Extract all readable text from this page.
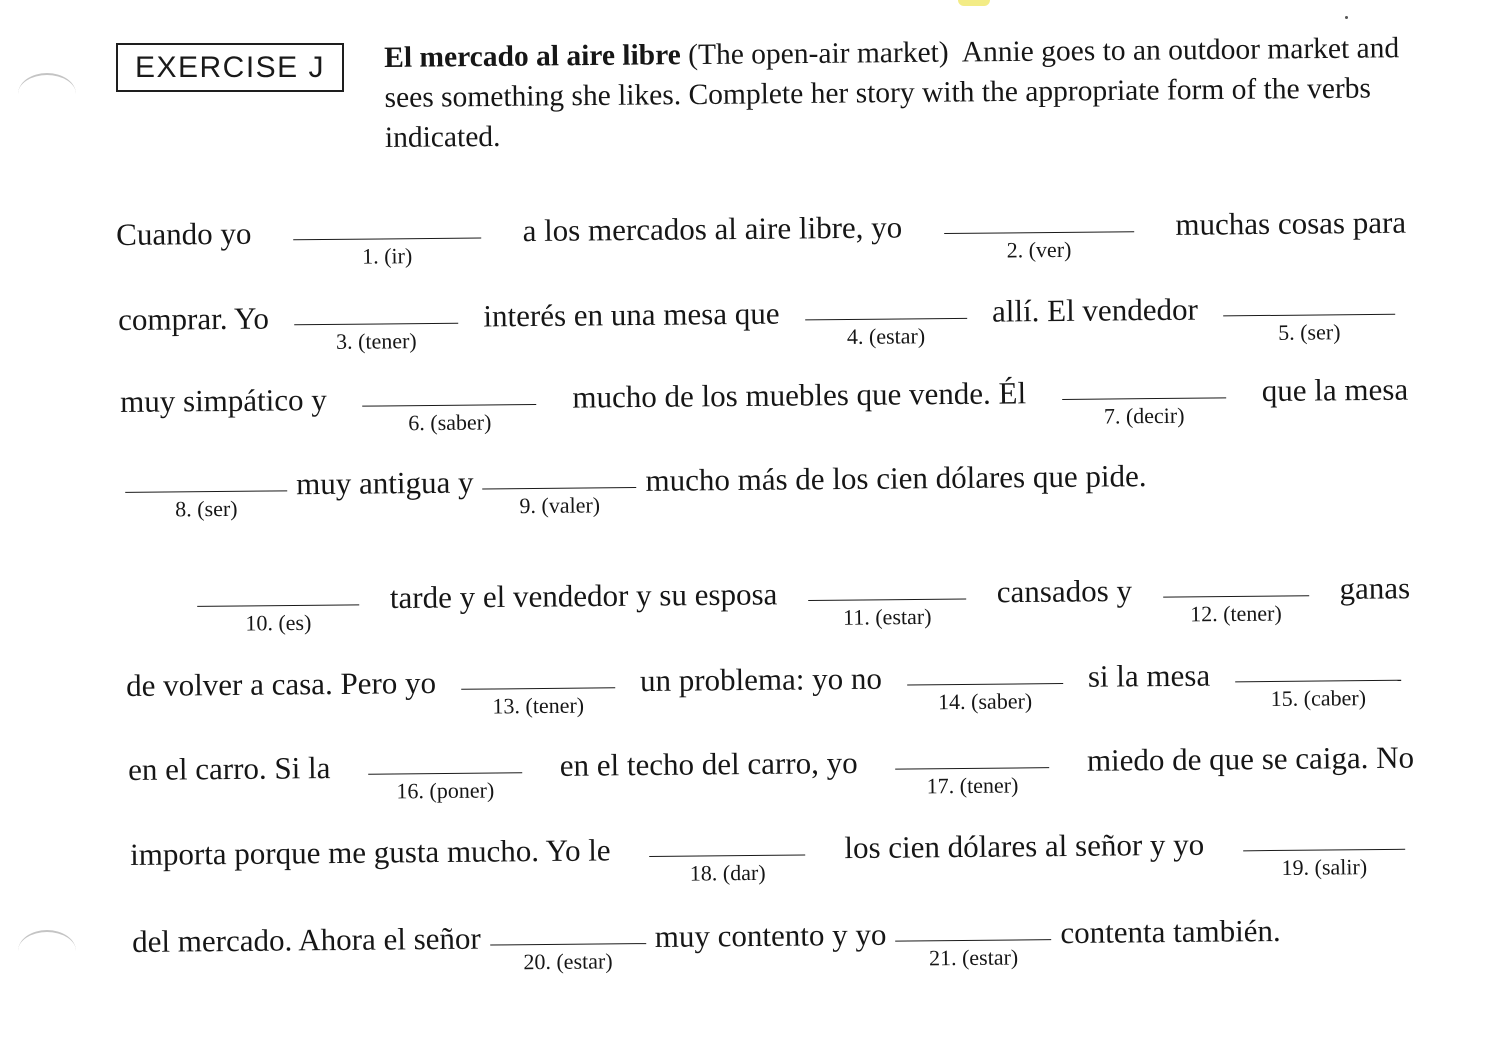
EXERCISE J El mercado al aire libre (The open-air market) Annie goes to an outdoor market and sees something she likes. Complete her story with the appropriate form of the verbs indicated.
Cuando yo
1. (ir)
a los mercados al aire libre, yo
2. (ver)
muchas cosas para
comprar. Yo
3. (tener)
interés en una mesa que
4. (estar)
allí. El vendedor
5. (ser)
muy simpático y
6. (saber)
mucho de los muebles que vende. Él
7. (decir)
que la mesa
8. (ser)
muy antigua y
9. (valer)
mucho más de los cien dólares que pide.
10. (es)
tarde y el vendedor y su esposa
11. (estar)
cansados y
12. (tener)
ganas
de volver a casa. Pero yo
13. (tener)
un problema: yo no
14. (saber)
si la mesa
15. (caber)
en el carro. Si la
16. (poner)
en el techo del carro, yo
17. (tener)
miedo de que se caiga. No
importa porque me gusta mucho. Yo le
18. (dar)
los cien dólares al señor y yo
19. (salir)
del mercado. Ahora el señor
20. (estar)
muy contento y yo
21. (estar)
contenta también.
